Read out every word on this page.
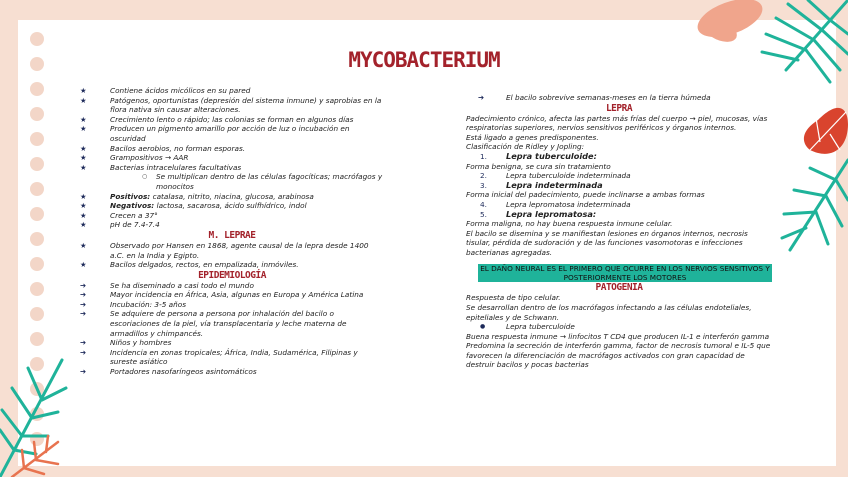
MYCOBACTERIUM
★	Contiene ácidos micólicos en su pared
★	Patógenos, oportunistas (depresión del sistema inmune) y saprobias en la flora nativa sin causar alteraciones.
★	Crecimiento lento o rápido; las colonias se forman en algunos días
★	Producen un pigmento amarillo por acción de luz o incubación en oscuridad
★	Bacilos aerobios, no forman esporas.
★	Grampositivos → AAR
★	Bacterias intracelulares facultativas
○ Se multiplican dentro de las células fagocíticas; macrófagos y monocitos
★	Positivos: catalasa, nitrito, niacina, glucosa, arabinosa
★	Negativos: lactosa, sacarosa, ácido sulfhídrico, indol
★	Crecen a 37°
★	pH de 7.4-7.4
M. LEPRAE
★	Observado por Hansen en 1868, agente causal de la lepra desde 1400 a.C. en la India y Egipto.
★	Bacilos delgados, rectos, en empalizada, inmóviles.
EPIDEMIOLOGÍA
➔	Se ha diseminado a casi todo el mundo
➔	Mayor incidencia en África, Asia, algunas en Europa y América Latina
➔	Incubación: 3-5 años
➔	Se adquiere de persona a persona por inhalación del bacilo o escoriaciones de la piel, vía transplacentaria y leche materna de armadillos y chimpancés.
➔	Niños y hombres
➔	Incidencia en zonas tropicales; África, India, Sudamérica, Filipinas y sureste asiático
➔	Portadores nasofaríngeos asintomáticos
➔	El bacilo sobrevive semanas-meses en la tierra húmeda
LEPRA
Padecimiento crónico, afecta las partes más frías del cuerpo → piel, mucosas, vías respiratorias superiores, nervios sensitivos periféricos y órganos internos.
Está ligado a genes predisponentes.
Clasificación de Ridley y Jopling:
1. Lepra tuberculoide:
Forma benigna, se cura sin tratamiento
2.	Lepra tuberculoide indeterminada
3. Lepra indeterminada
Forma inicial del padecimiento, puede inclinarse a ambas formas
4.	Lepra lepromatosa indeterminada
5. Lepra lepromatosa:
Forma maligna, no hay buena respuesta inmune celular.
El bacilo se disemina y se manifiestan lesiones en órganos internos, necrosis tisular, pérdida de sudoración y de las funciones vasomotoras e infecciones bacterianas agregadas.
EL DAÑO NEURAL ES EL PRIMERO QUE OCURRE EN LOS NERVIOS SENSITIVOS Y POSTERIORMENTE LOS MOTORES
PATOGENIA
Respuesta de tipo celular.
Se desarrollan dentro de los macrófagos infectando a las células endoteliales, epiteliales y de Schwann.
●	Lepra tuberculoide
Buena respuesta inmune → linfocitos T CD4 que producen IL-1 e interferón gamma
Predomina la secreción de interferón gamma, factor de necrosis tumoral e IL-5 que favorecen la diferenciación de macrófagos activados con gran capacidad de destruir bacilos y pocas bacterias
